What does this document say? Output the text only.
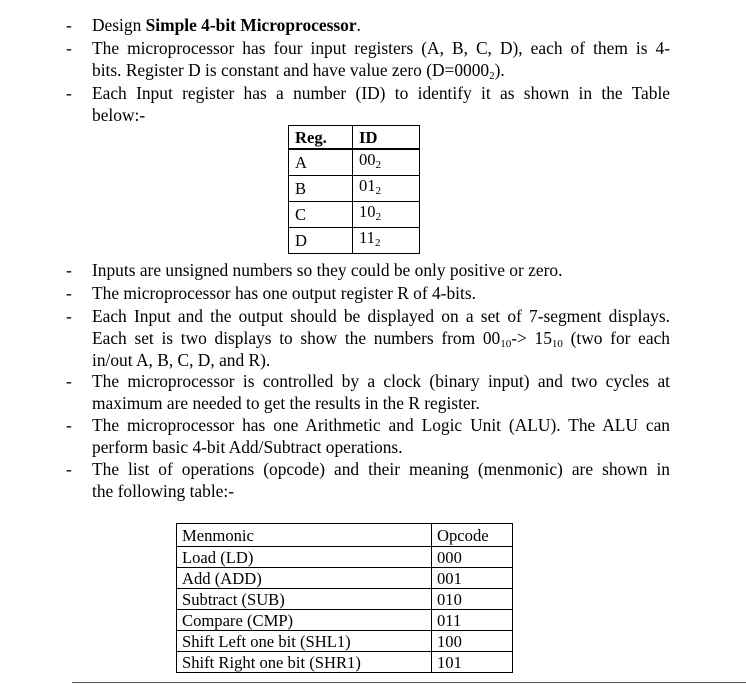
-	Design Simple 4-bit Microprocessor.
-	The microprocessor has four input registers (A, B, C, D), each of them is 4-
bits. Register D is constant and have value zero $(D=0000_2)$.
-	Each Input register has a number (ID) to identify it as shown in the Table
below:-
Reg.	ID
A	$00_2$
B	$01_2$
C	$10_2$
D	$11_2$
-	Inputs are unsigned numbers so they could be only positive or zero.
-	The microprocessor has one output register R of 4-bits.
-	Each Input and the output should be displayed on a set of 7-segment displays.
Each set is two displays to show the numbers from $00_{10}-> 15_{10}$ (two for each
in/out A, B, C, D, and R).
-	The microprocessor is controlled by a clock (binary input) and two cycles at
maximum are needed to get the results in the R register.
-	The microprocessor has one Arithmetic and Logic Unit (ALU). The ALU can
perform basic 4-bit Add/Subtract operations.
-	The list of operations (opcode) and their meaning (menmonic) are shown in
the following table:-
Menmonic	Opcode
Load (LD)	000
Add (ADD)	001
Subtract (SUB)	010
Compare (CMP)	011
Shift Left one bit (SHL1)	100
Shift Right one bit (SHR1)	101
